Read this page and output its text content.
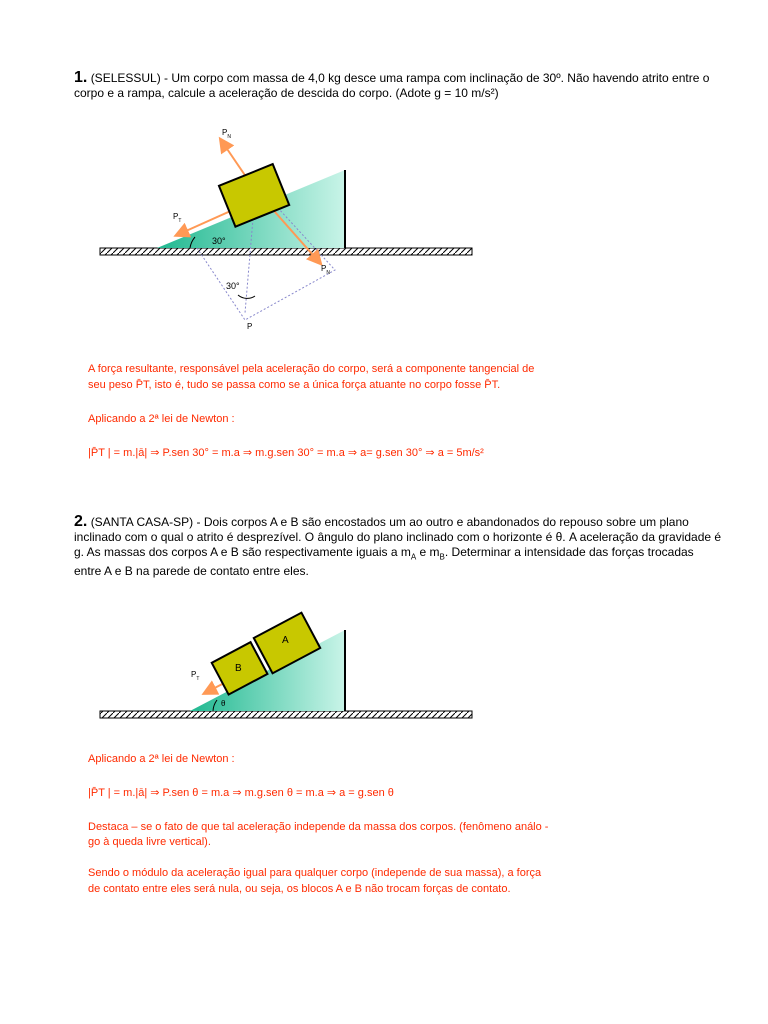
1. (SELESSUL) - Um corpo com massa de 4,0 kg desce uma rampa com inclinação de 30º. Não havendo atrito entre o corpo e a rampa, calcule a aceleração de descida do corpo. (Adote g = 10 m/s²)
$P_N$
$P_T$
30°
30°
P
$P_N$
A força resultante, responsável pela aceleração do corpo, será a componente tangencial de
seu peso P̄T, isto é, tudo se passa como se a única força atuante no corpo fosse P̄T.
Aplicando a 2ª lei de Newton :
|P̄T | = m.|ā| ⇒ P.sen 30° = m.a ⇒ m.g.sen 30° = m.a ⇒ a= g.sen 30° ⇒ a = 5m/s²
2. (SANTA CASA-SP) - Dois corpos A e B são encostados um ao outro e abandonados do repouso sobre um plano inclinado com o qual o atrito é desprezível. O ângulo do plano inclinado com o horizonte é θ. A aceleração da gravidade é g. As massas dos corpos A e B são respectivamente iguais a $m_A$ e $m_B$. Determinar a intensidade das forças trocadas entre A e B na parede de contato entre eles.
A
B
$P_T$
θ
Aplicando a 2ª lei de Newton :
|P̄T | = m.|ā| ⇒ P.sen θ = m.a ⇒ m.g.sen θ = m.a ⇒ a = g.sen θ
Destaca – se o fato de que tal aceleração independe da massa dos corpos. (fenômeno análo -
go à queda livre vertical).
Sendo o módulo da aceleração igual para qualquer corpo (independe de sua massa), a força
de contato entre eles será nula, ou seja, os blocos A e B não trocam forças de contato.
